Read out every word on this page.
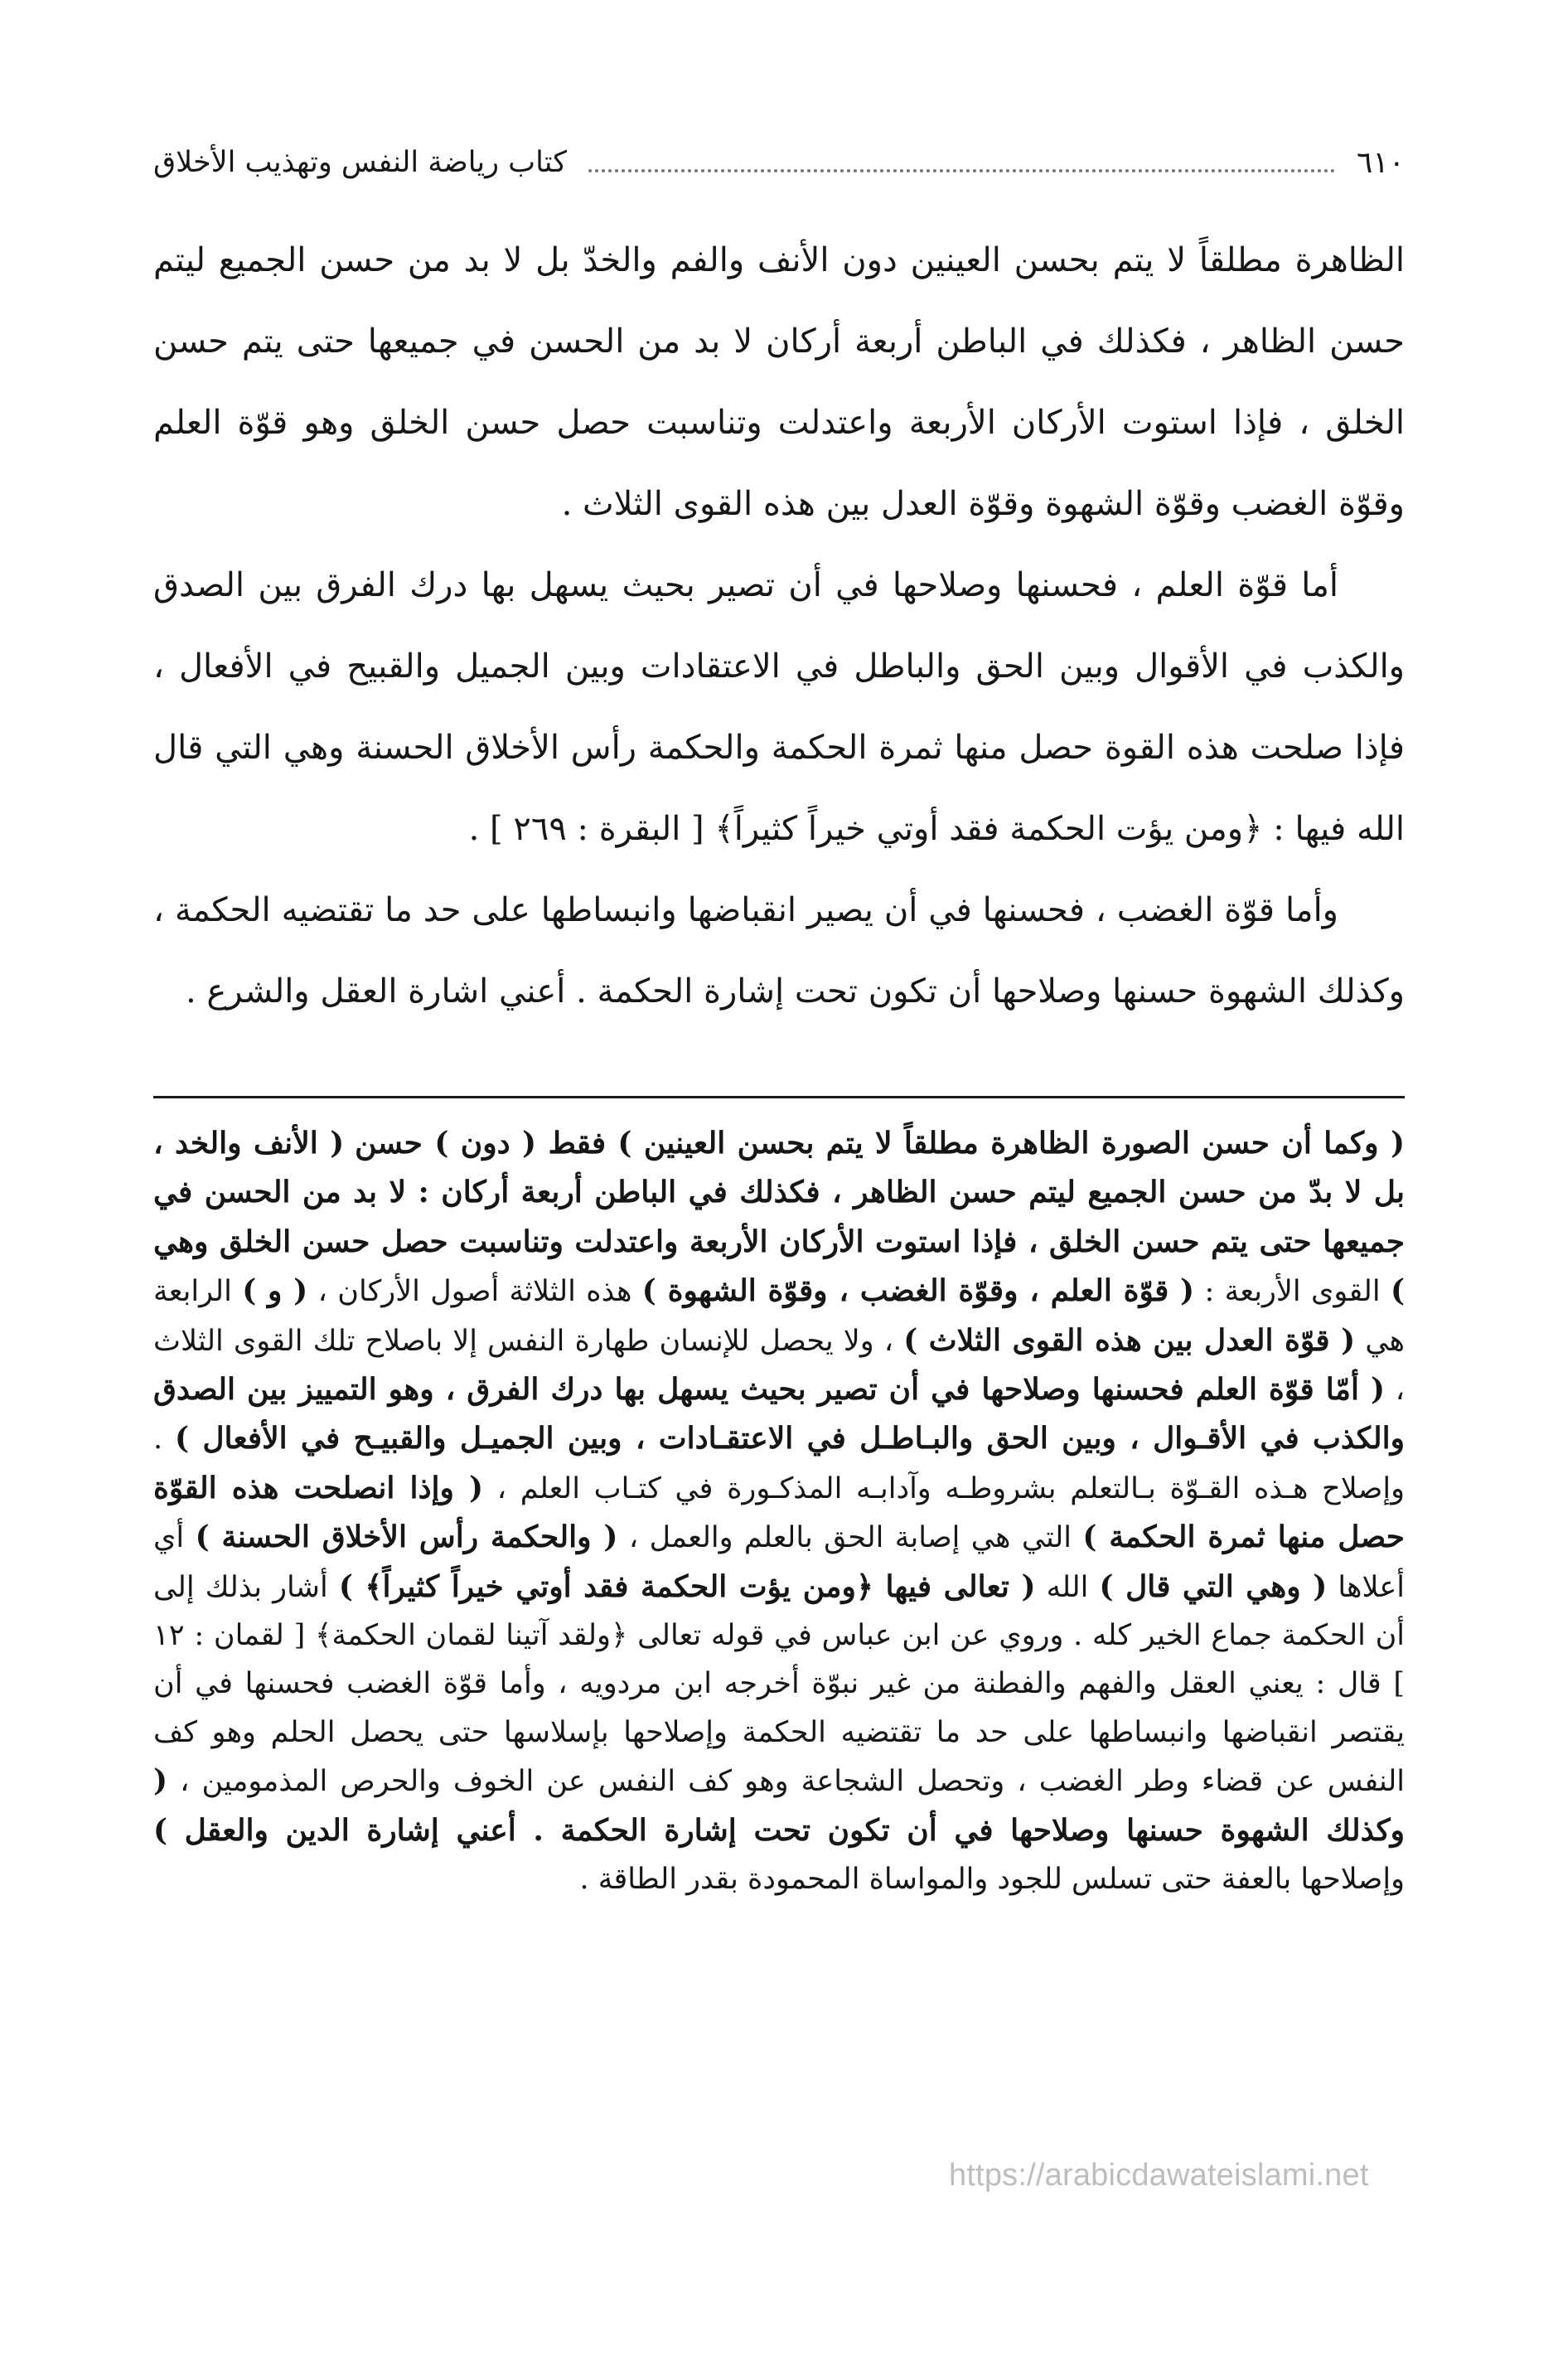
٦١٠
كتاب رياضة النفس وتهذيب الأخلاق

الظاهرة مطلقاً لا يتم بحسن العينين دون الأنف والفم والخدّ بل لا بد من حسن الجميع ليتم حسن الظاهر ، فكذلك في الباطن أربعة أركان لا بد من الحسن في جميعها حتى يتم حسن الخلق ، فإذا استوت الأركان الأربعة واعتدلت وتناسبت حصل حسن الخلق وهو قوّة العلم وقوّة الغضب وقوّة الشهوة وقوّة العدل بين هذه القوى الثلاث .

أما قوّة العلم ، فحسنها وصلاحها في أن تصير بحيث يسهل بها درك الفرق بين الصدق والكذب في الأقوال وبين الحق والباطل في الاعتقادات وبين الجميل والقبيح في الأفعال ، فإذا صلحت هذه القوة حصل منها ثمرة الحكمة والحكمة رأس الأخلاق الحسنة وهي التي قال الله فيها : ﴿ومن يؤت الحكمة فقد أوتي خيراً كثيراً﴾ [ البقرة : ٢٦٩ ] .

وأما قوّة الغضب ، فحسنها في أن يصير انقباضها وانبساطها على حد ما تقتضيه الحكمة ، وكذلك الشهوة حسنها وصلاحها أن تكون تحت إشارة الحكمة . أعني اشارة العقل والشرع .

( وكما أن حسن الصورة الظاهرة مطلقاً لا يتم بحسن العينين ) فقط ( دون ) حسن ( الأنف والخد ، بل لا بدّ من حسن الجميع ليتم حسن الظاهر ، فكذلك في الباطن أربعة أركان : لا بد من الحسن في جميعها حتى يتم حسن الخلق ، فإذا استوت الأركان الأربعة واعتدلت وتناسبت حصل حسن الخلق وهي ) القوى الأربعة : ( قوّة العلم ، وقوّة الغضب ، وقوّة الشهوة ) هذه الثلاثة أصول الأركان ، ( و ) الرابعة هي ( قوّة العدل بين هذه القوى الثلاث ) ، ولا يحصل للإنسان طهارة النفس إلا باصلاح تلك القوى الثلاث ، ( أمّا قوّة العلم فحسنها وصلاحها في أن تصير بحيث يسهل بها درك الفرق ، وهو التمييز بين الصدق والكذب في الأقـوال ، وبين الحق والبـاطـل في الاعتقـادات ، وبين الجميـل والقبيـح في الأفعال ) . وإصلاح هـذه القـوّة بـالتعلم بشروطـه وآدابـه المذكـورة في كتـاب العلم ، ( وإذا انصلحت هذه القوّة حصل منها ثمرة الحكمة ) التي هي إصابة الحق بالعلم والعمل ، ( والحكمة رأس الأخلاق الحسنة ) أي أعلاها ( وهي التي قال ) الله ( تعالى فيها ﴿ومن يؤت الحكمة فقد أوتي خيراً كثيراً﴾ ) أشار بذلك إلى أن الحكمة جماع الخير كله . وروي عن ابن عباس في قوله تعالى ﴿ولقد آتينا لقمان الحكمة﴾ [ لقمان : ١٢ ] قال : يعني العقل والفهم والفطنة من غير نبوّة أخرجه ابن مردويه ، وأما قوّة الغضب فحسنها في أن يقتصر انقباضها وانبساطها على حد ما تقتضيه الحكمة وإصلاحها بإسلاسها حتى يحصل الحلم وهو كف النفس عن قضاء وطر الغضب ، وتحصل الشجاعة وهو كف النفس عن الخوف والحرص المذمومين ، ( وكذلك الشهوة حسنها وصلاحها في أن تكون تحت إشارة الحكمة . أعني إشارة الدين والعقل ) وإصلاحها بالعفة حتى تسلس للجود والمواساة المحمودة بقدر الطاقة .

https://arabicdawateislami.net
